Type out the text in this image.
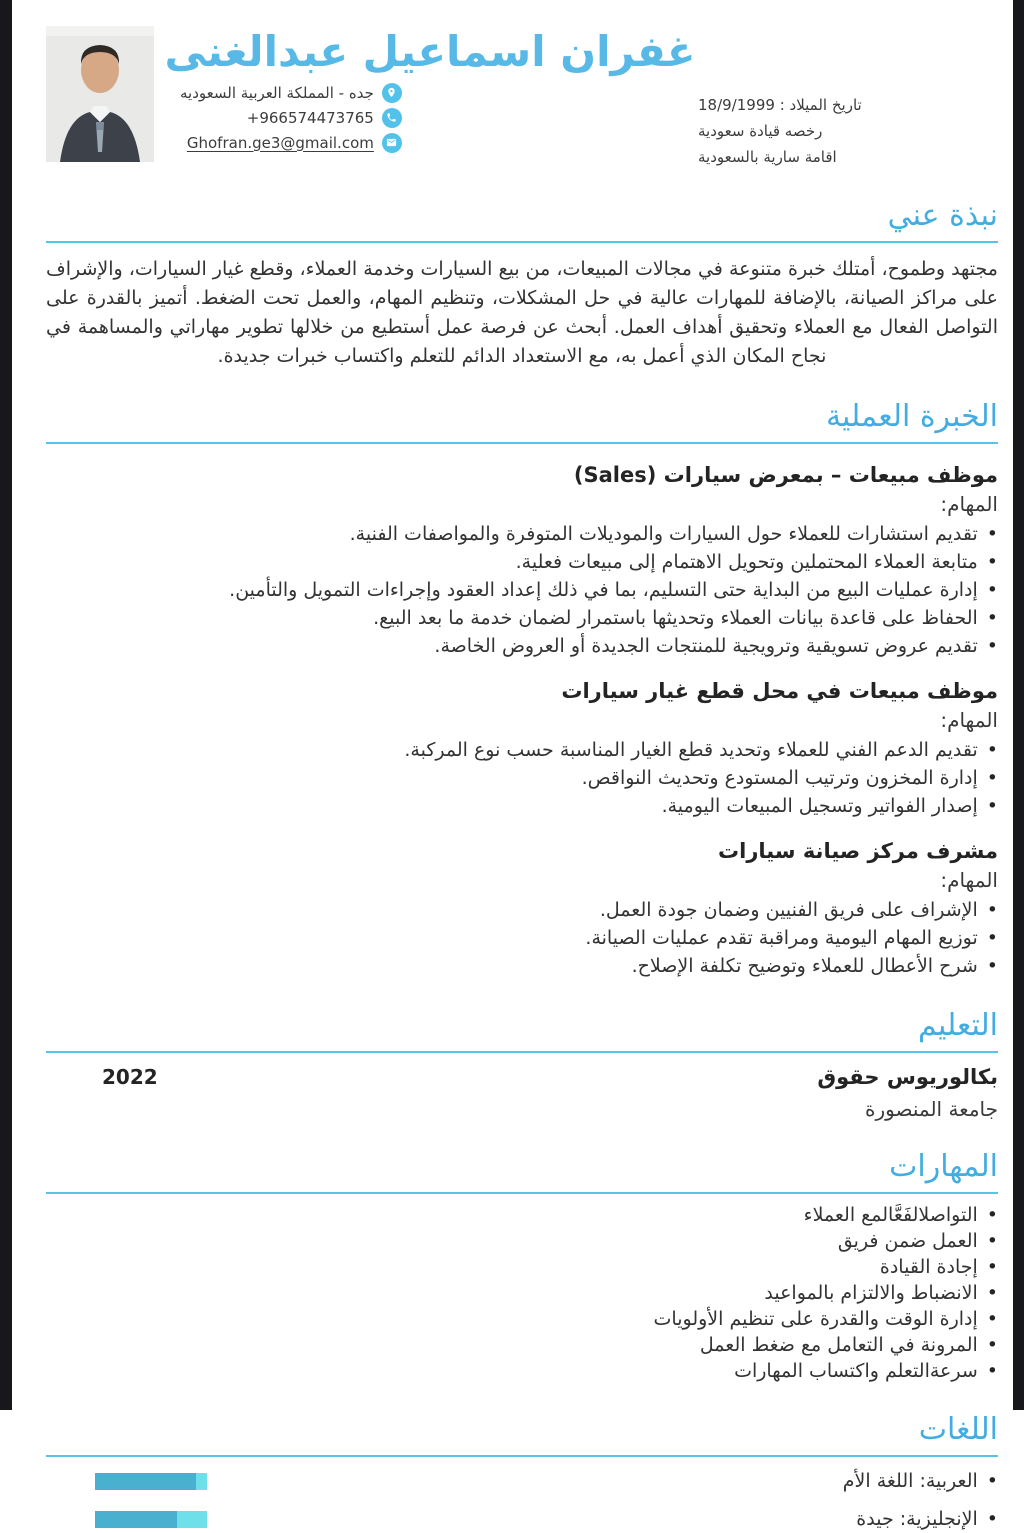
تاريخ الميلاد : 18/9/1999
رخصه قيادة سعودية
اقامة سارية بالسعودية
غفران اسماعيل عبدالغنى
جده - المملكة العربية السعوديه
+966574473765
Ghofran.ge3@gmail.com
نبذة عني

مجتهد وطموح، أمتلك خبرة متنوعة في مجالات المبيعات، من بيع السيارات وخدمة العملاء، وقطع غيار السيارات، والإشراف على مراكز الصيانة، بالإضافة للمهارات عالية في حل المشكلات، وتنظيم المهام، والعمل تحت الضغط. أتميز بالقدرة على التواصل الفعال مع العملاء وتحقيق أهداف العمل. أبحث عن فرصة عمل أستطيع من خلالها تطوير مهاراتي والمساهمة في نجاح المكان الذي أعمل به، مع الاستعداد الدائم للتعلم واكتساب خبرات جديدة.

الخبرة العملية
موظف مبيعات – بمعرض سيارات (Sales)
المهام:
• تقديم استشارات للعملاء حول السيارات والموديلات المتوفرة والمواصفات الفنية.
• متابعة العملاء المحتملين وتحويل الاهتمام إلى مبيعات فعلية.
• إدارة عمليات البيع من البداية حتى التسليم، بما في ذلك إعداد العقود وإجراءات التمويل والتأمين.
• الحفاظ على قاعدة بيانات العملاء وتحديثها باستمرار لضمان خدمة ما بعد البيع.
• تقديم عروض تسويقية وترويجية للمنتجات الجديدة أو العروض الخاصة.
موظف مبيعات في محل قطع غيار سيارات
المهام:
• تقديم الدعم الفني للعملاء وتحديد قطع الغيار المناسبة حسب نوع المركبة.
• إدارة المخزون وترتيب المستودع وتحديث النواقص.
• إصدار الفواتير وتسجيل المبيعات اليومية.
مشرف مركز صيانة سيارات
المهام:
• الإشراف على فريق الفنيين وضمان جودة العمل.
• توزيع المهام اليومية ومراقبة تقدم عمليات الصيانة.
• شرح الأعطال للعملاء وتوضيح تكلفة الإصلاح.
التعليم
بكالوريوس حقوق
2022
جامعة المنصورة
المهارات
• التواصلالفَعَّالمع العملاء
• العمل ضمن فريق
• إجادة القيادة
• الانضباط والالتزام بالمواعيد
• إدارة الوقت والقدرة على تنظيم الأولويات
• المرونة في التعامل مع ضغط العمل
• سرعةالتعلم واكتساب المهارات
اللغات
• العربية: اللغة الأم
• الإنجليزية: جيدة
